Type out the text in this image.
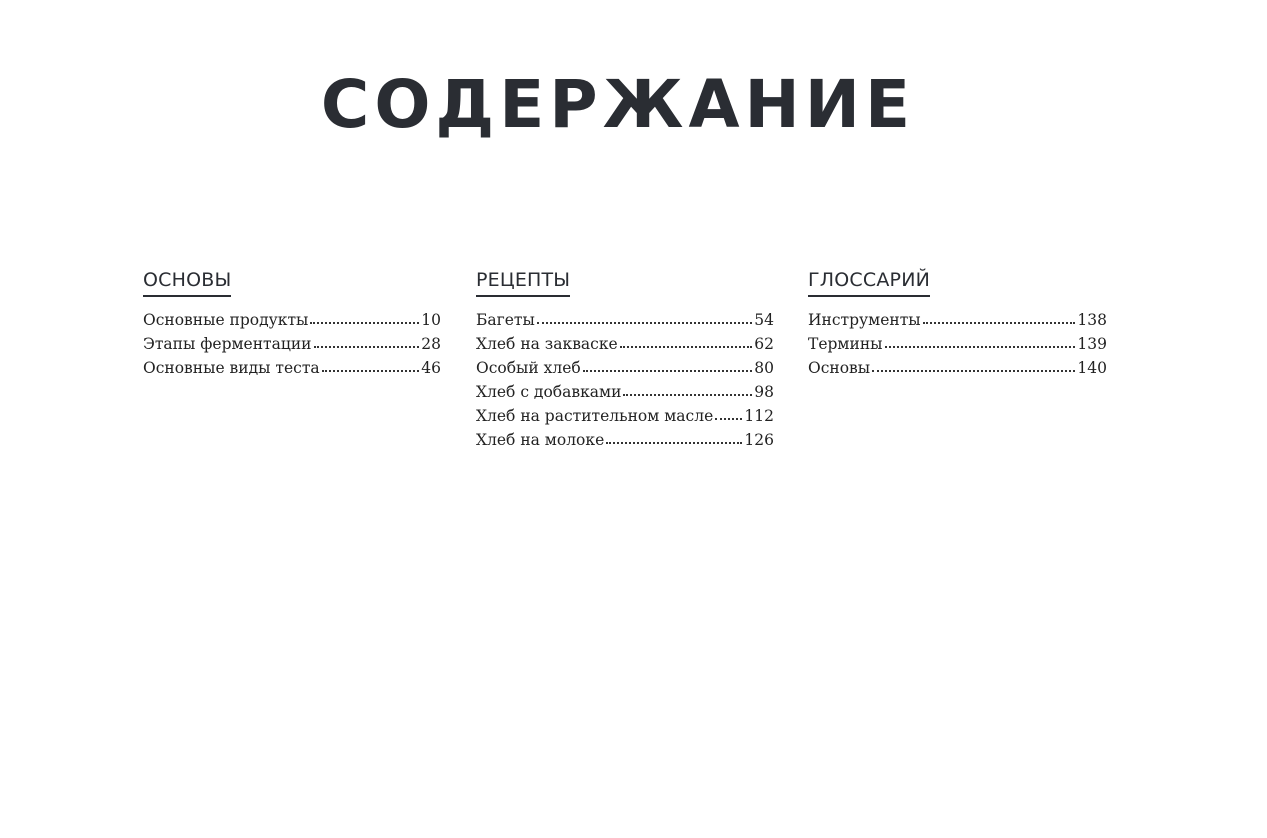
СОДЕРЖАНИЕ
ОСНОВЫ
Основные продукты	10
Этапы ферментации	28
Основные виды теста	46
РЕЦЕПТЫ
Багеты	54
Хлеб на закваске	62
Особый хлеб	80
Хлеб с добавками	98
Хлеб на растительном масле 112
Хлеб на молоке	126
ГЛОССАРИЙ
Инструменты	138
Термины	139
Основы	140
